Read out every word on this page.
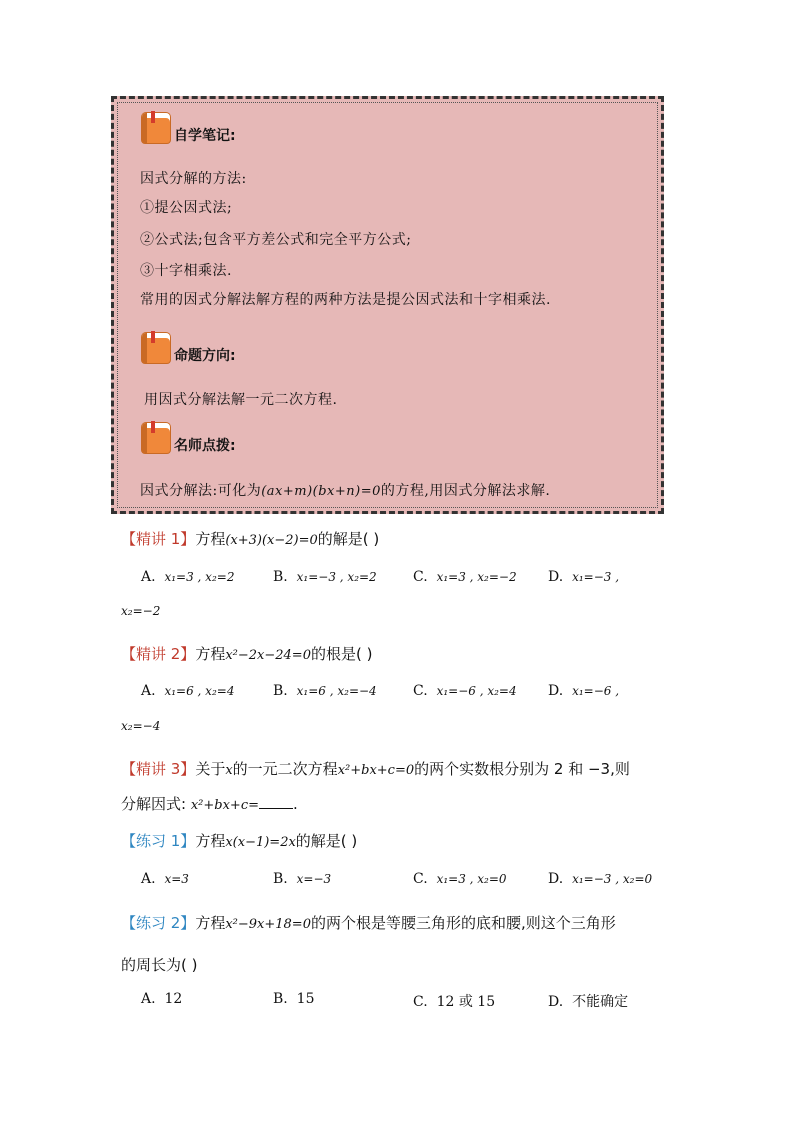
自学笔记:
因式分解的方法:
①提公因式法;
②公式法;包含平方差公式和完全平方公式;
③十字相乘法.
常用的因式分解法解方程的两种方法是提公因式法和十字相乘法.
命题方向:
用因式分解法解一元二次方程.
名师点拨:
因式分解法:可化为(ax+m)(bx+n)=0的方程,用因式分解法求解.
【精讲 1】方程(x+3)(x−2)=0的解是( )
A. x₁=3 , x₂=2	B. x₁=−3 , x₂=2	C. x₁=3 , x₂=−2 D. x₁=−3 ,
x₂=−2
【精讲 2】方程x²−2x−24=0的根是( )
A. x₁=6 , x₂=4	B. x₁=6 , x₂=−4	C. x₁=−6 , x₂=4 D. x₁=−6 ,
x₂=−4
【精讲 3】关于x的一元二次方程x²+bx+c=0的两个实数根分别为 2 和 −3,则
分解因式: x²+bx+c= .
【练习 1】方程x(x−1)=2x的解是( )
A. x=3	B. x=−3	C. x₁=3 , x₂=0	D. x₁=−3 , x₂=0
【练习 2】方程x²−9x+18=0的两个根是等腰三角形的底和腰,则这个三角形
的周长为( )
A. 12	B. 15	C. 12 或 15	D. 不能确定
